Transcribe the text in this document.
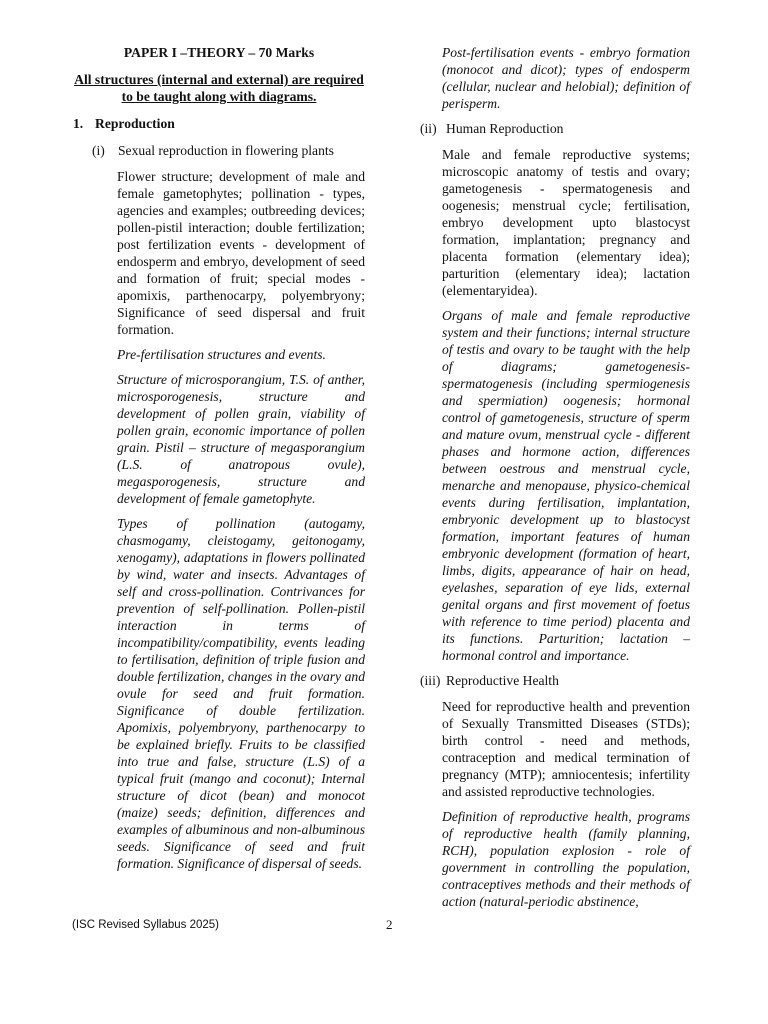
PAPER I –THEORY – 70 Marks
All structures (internal and external) are required to be taught along with diagrams.
1. Reproduction
(i) Sexual reproduction in flowering plants

Flower structure; development of male and female gametophytes; pollination - types, agencies and examples; outbreeding devices; pollen-pistil interaction; double fertilization; post fertilization events - development of endosperm and embryo, development of seed and formation of fruit; special modes - apomixis, parthenocarpy, polyembryony; Significance of seed dispersal and fruit formation.

Pre-fertilisation structures and events.

Structure of microsporangium, T.S. of anther, microsporogenesis, structure and development of pollen grain, viability of pollen grain, economic importance of pollen grain. Pistil – structure of megasporangium (L.S. of anatropous ovule), megasporogenesis, structure and development of female gametophyte.

Types of pollination (autogamy, chasmogamy, cleistogamy, geitonogamy, xenogamy), adaptations in flowers pollinated by wind, water and insects. Advantages of self and cross-pollination. Contrivances for prevention of self-pollination. Pollen-pistil interaction in terms of incompatibility/compatibility, events leading to fertilisation, definition of triple fusion and double fertilization, changes in the ovary and ovule for seed and fruit formation. Significance of double fertilization. Apomixis, polyembryony, parthenocarpy to be explained briefly. Fruits to be classified into true and false, structure (L.S) of a typical fruit (mango and coconut); Internal structure of dicot (bean) and monocot (maize) seeds; definition, differences and examples of albuminous and non-albuminous seeds. Significance of seed and fruit formation. Significance of dispersal of seeds.

Post-fertilisation events - embryo formation (monocot and dicot); types of endosperm (cellular, nuclear and helobial); definition of perisperm.

(ii) Human Reproduction

Male and female reproductive systems; microscopic anatomy of testis and ovary; gametogenesis - spermatogenesis and oogenesis; menstrual cycle; fertilisation, embryo development upto blastocyst formation, implantation; pregnancy and placenta formation (elementary idea); parturition (elementary idea); lactation (elementaryidea).

Organs of male and female reproductive system and their functions; internal structure of testis and ovary to be taught with the help of diagrams; gametogenesis- spermatogenesis (including spermiogenesis and spermiation) oogenesis; hormonal control of gametogenesis, structure of sperm and mature ovum, menstrual cycle - different phases and hormone action, differences between oestrous and menstrual cycle, menarche and menopause, physico-chemical events during fertilisation, implantation, embryonic development up to blastocyst formation, important features of human embryonic development (formation of heart, limbs, digits, appearance of hair on head, eyelashes, separation of eye lids, external genital organs and first movement of foetus with reference to time period) placenta and its functions. Parturition; lactation – hormonal control and importance.

(iii) Reproductive Health

Need for reproductive health and prevention of Sexually Transmitted Diseases (STDs); birth control - need and methods, contraception and medical termination of pregnancy (MTP); amniocentesis; infertility and assisted reproductive technologies.

Definition of reproductive health, programs of reproductive health (family planning, RCH), population explosion - role of government in controlling the population, contraceptives methods and their methods of action (natural-periodic abstinence,

(ISC Revised Syllabus 2025)	2
